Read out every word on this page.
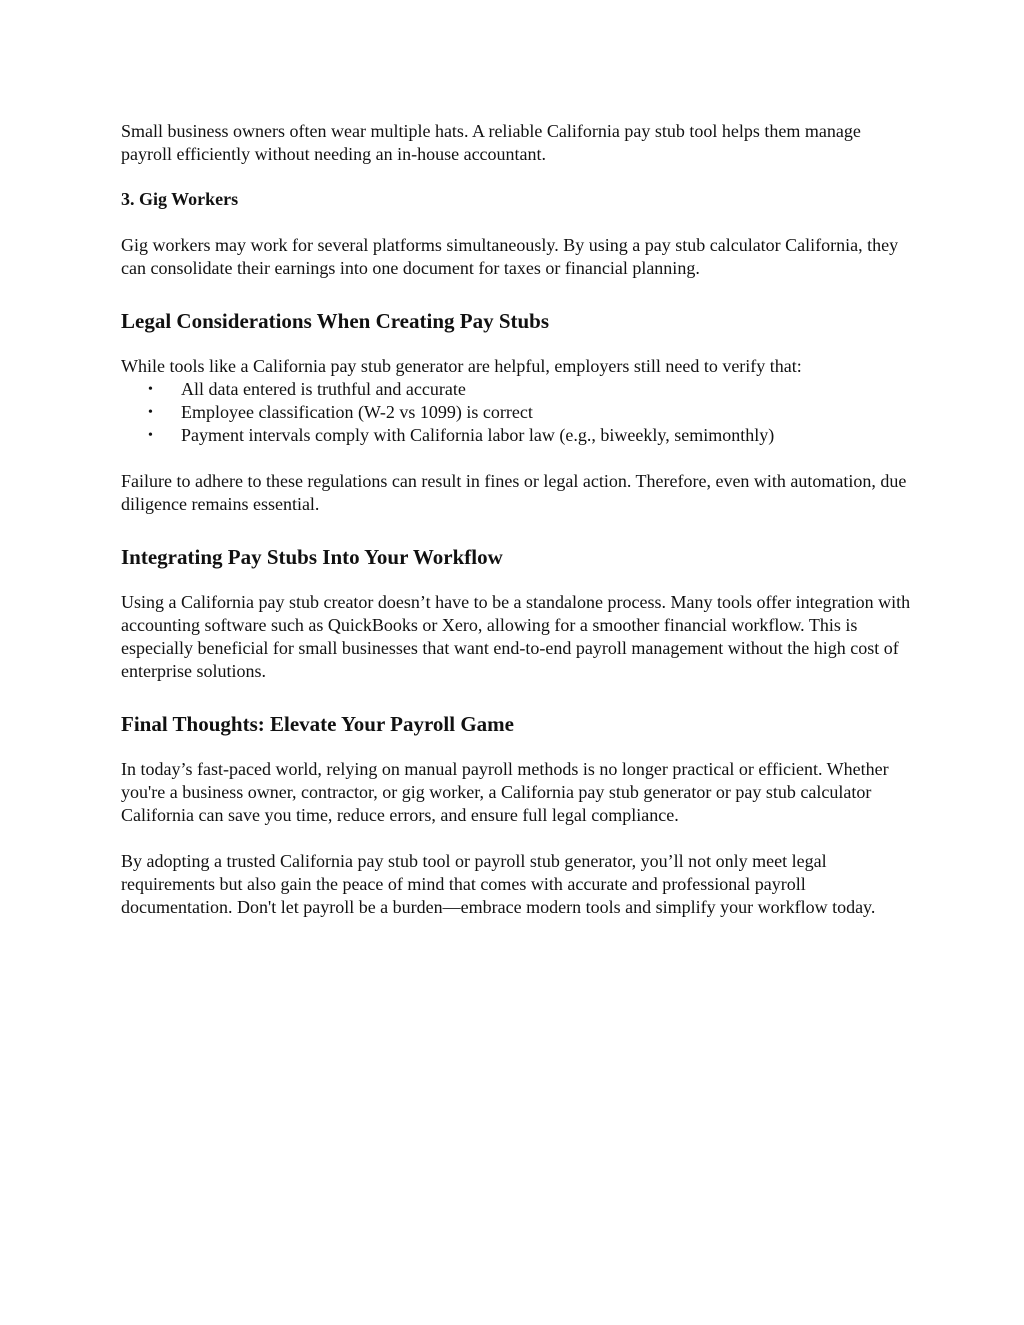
Small business owners often wear multiple hats. A reliable California pay stub tool helps them manage payroll efficiently without needing an in-house accountant.

3. Gig Workers

Gig workers may work for several platforms simultaneously. By using a pay stub calculator California, they can consolidate their earnings into one document for taxes or financial planning.

Legal Considerations When Creating Pay Stubs

While tools like a California pay stub generator are helpful, employers still need to verify that:

• All data entered is truthful and accurate
• Employee classification (W-2 vs 1099) is correct
• Payment intervals comply with California labor law (e.g., biweekly, semimonthly)

Failure to adhere to these regulations can result in fines or legal action. Therefore, even with automation, due diligence remains essential.

Integrating Pay Stubs Into Your Workflow

Using a California pay stub creator doesn’t have to be a standalone process. Many tools offer integration with accounting software such as QuickBooks or Xero, allowing for a smoother financial workflow. This is especially beneficial for small businesses that want end-to-end payroll management without the high cost of enterprise solutions.

Final Thoughts: Elevate Your Payroll Game

In today’s fast-paced world, relying on manual payroll methods is no longer practical or efficient. Whether you're a business owner, contractor, or gig worker, a California pay stub generator or pay stub calculator California can save you time, reduce errors, and ensure full legal compliance.

By adopting a trusted California pay stub tool or payroll stub generator, you’ll not only meet legal requirements but also gain the peace of mind that comes with accurate and professional payroll documentation. Don't let payroll be a burden—embrace modern tools and simplify your workflow today.
